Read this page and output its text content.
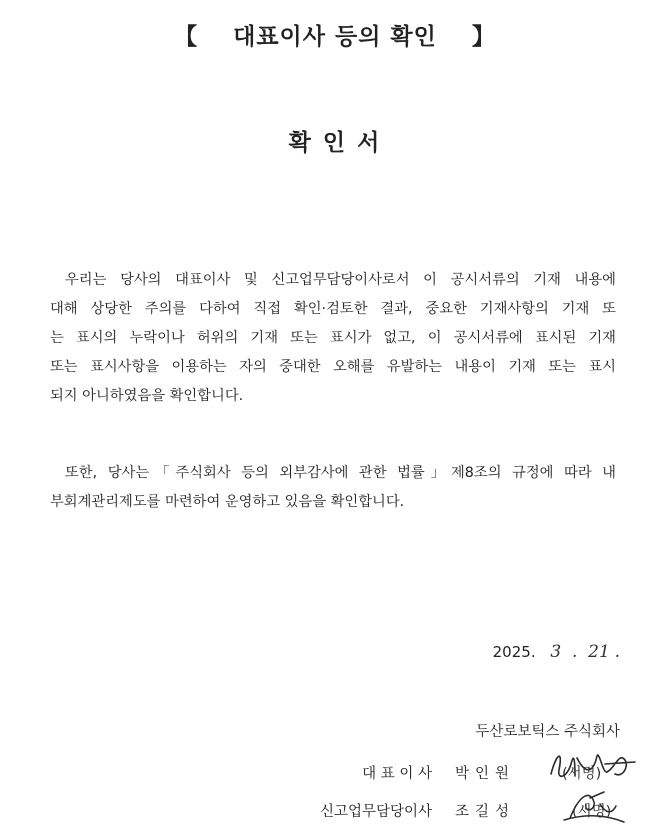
【 대표이사 등의 확인 】
확 인 서
우리는 당사의 대표이사 및 신고업무담당이사로서 이 공시서류의 기재 내용에
대해 상당한 주의를 다하여 직접 확인·검토한 결과, 중요한 기재사항의 기재 또
는 표시의 누락이나 허위의 기재 또는 표시가 없고, 이 공시서류에 표시된 기재
또는 표시사항을 이용하는 자의 중대한 오해를 유발하는 내용이 기재 또는 표시
되지 아니하였음을 확인합니다.
또한, 당사는「주식회사 등의 외부감사에 관한 법률」제8조의 규정에 따라 내
부회계관리제도를 마련하여 운영하고 있음을 확인합니다.
2025. 3 . 21 .
두산로보틱스 주식회사
대 표 이 사 박인원	(서명)
신고업무담당이사 조길성	(서명)
